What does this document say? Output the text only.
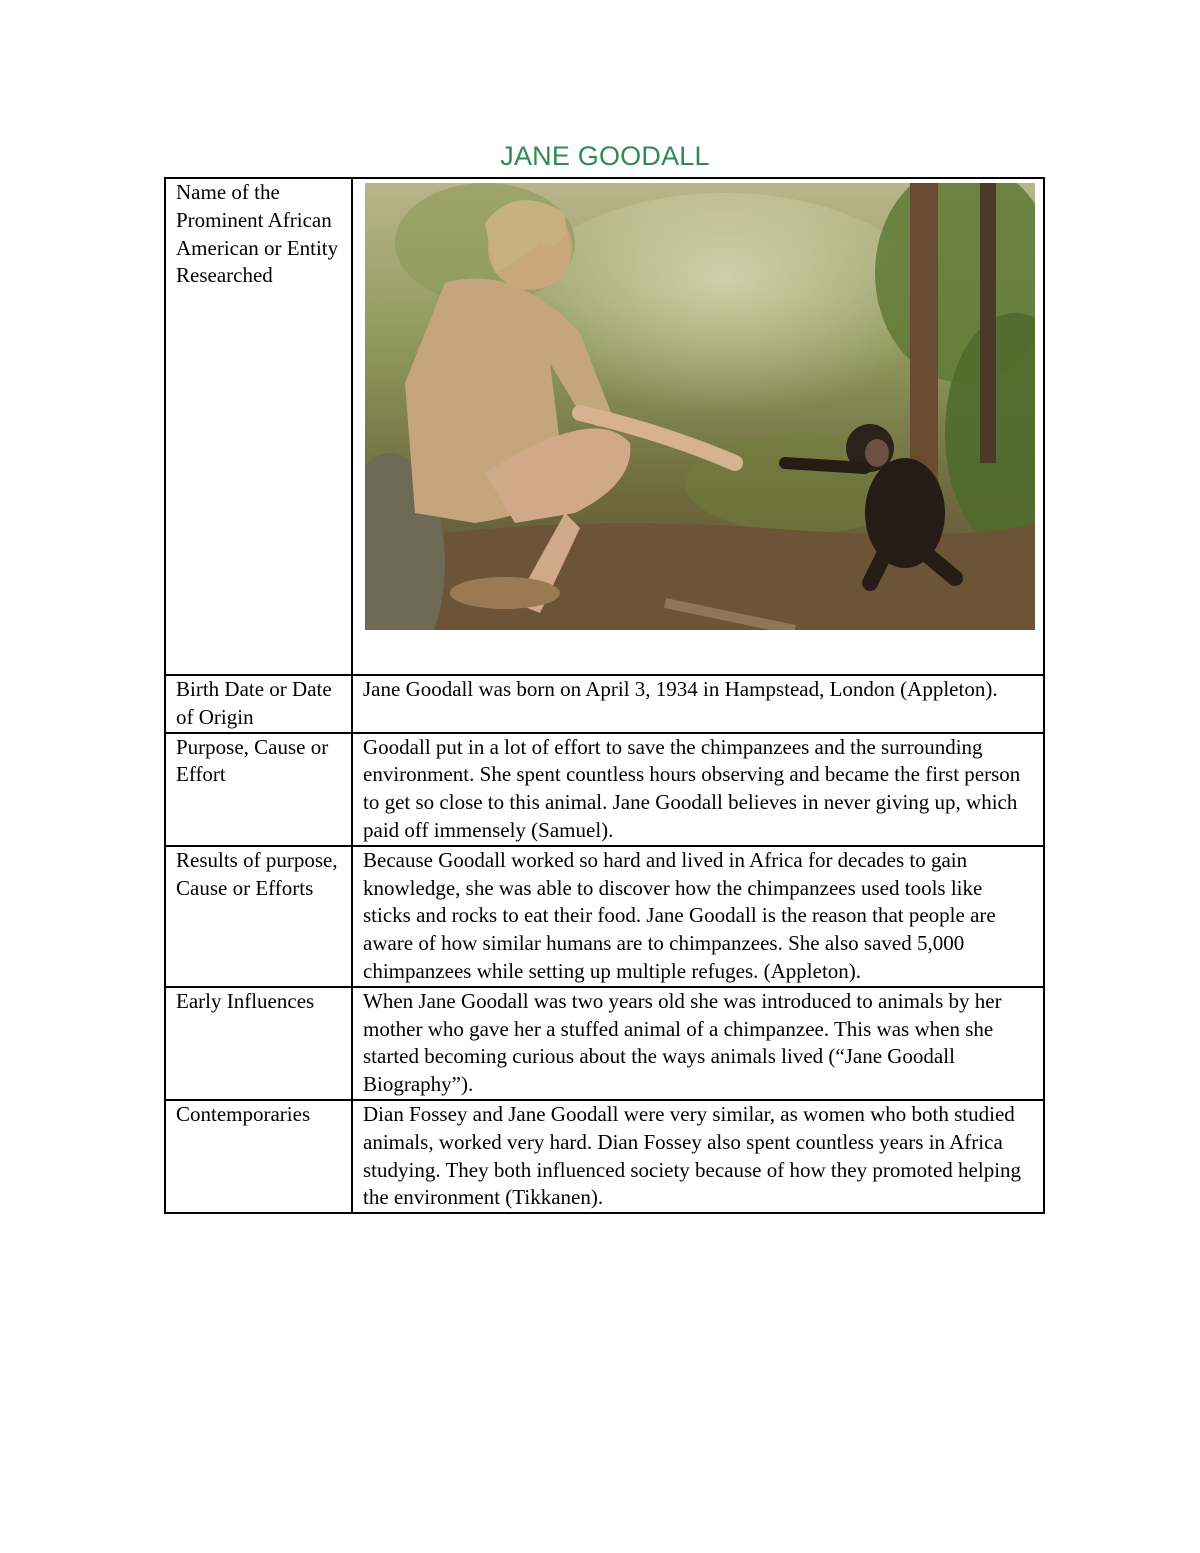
JANE GOODALL
Name of the Prominent African American or Entity Researched	

Birth Date or Date of Origin	Jane Goodall was born on April 3, 1934 in Hampstead, London (Appleton).
Purpose, Cause or Effort	Goodall put in a lot of effort to save the chimpanzees and the surrounding environment. She spent countless hours observing and became the first person to get so close to this animal. Jane Goodall believes in never giving up, which paid off immensely (Samuel).
Results of purpose, Cause or Efforts	Because Goodall worked so hard and lived in Africa for decades to gain knowledge, she was able to discover how the chimpanzees used tools like sticks and rocks to eat their food. Jane Goodall is the reason that people are aware of how similar humans are to chimpanzees. She also saved 5,000 chimpanzees while setting up multiple refuges. (Appleton).
Early Influences	When Jane Goodall was two years old she was introduced to animals by her mother who gave her a stuffed animal of a chimpanzee. This was when she started becoming curious about the ways animals lived (“Jane Goodall Biography”).
Contemporaries	Dian Fossey and Jane Goodall were very similar, as women who both studied animals, worked very hard. Dian Fossey also spent countless years in Africa studying. They both influenced society because of how they promoted helping the environment (Tikkanen).
